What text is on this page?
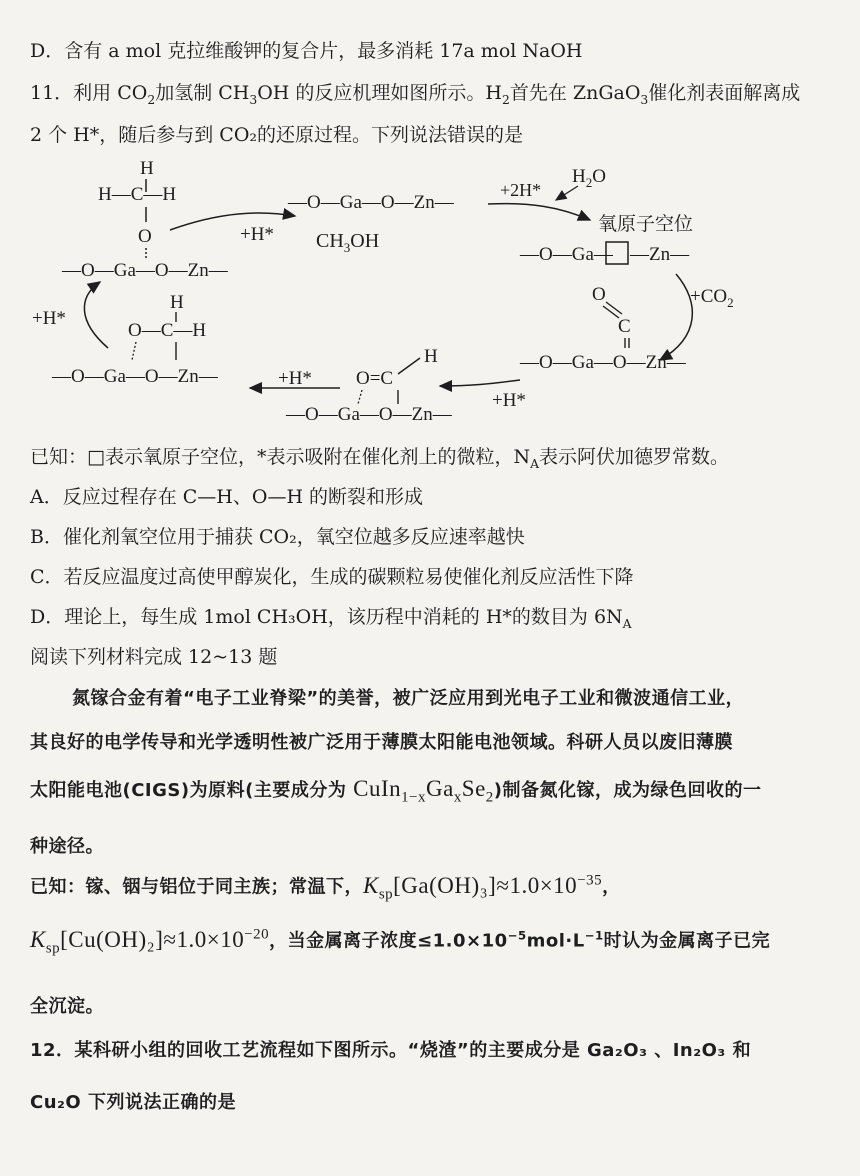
D．含有 a mol 克拉维酸钾的复合片，最多消耗 17a mol NaOH
11．利用 $CO_2$加氢制 $CH_3OH$ 的反应机理如图所示。$H_2$首先在 ZnGaO$_3$催化剂表面解离成
2 个 H*，随后参与到 CO₂的还原过程。下列说法错误的是
H
H—C—H
O
—O—Ga—O—Zn—
+H* $CH_3OH$
—O—Ga—O—Zn—
+2H*
$H_2O$
氧原子空位
—O—Ga— —Zn—
$+CO_2$
O
C
—O—Ga—O—Zn—
+H*
O=C
H
—O—Ga—O—Zn—
+H*
H
O—C—H
—O—Ga—O—Zn—
+H*
已知：□表示氧原子空位，*表示吸附在催化剂上的微粒，$N_A$表示阿伏加德罗常数。
A．反应过程存在 C—H、O—H 的断裂和形成
B．催化剂氧空位用于捕获 CO₂，氧空位越多反应速率越快
C．若反应温度过高使甲醇炭化，生成的碳颗粒易使催化剂反应活性下降
D．理论上，每生成 1mol CH₃OH，该历程中消耗的 H*的数目为 $6N_A$
阅读下列材料完成 12~13 题
氮镓合金有着“电子工业脊梁”的美誉，被广泛应用到光电子工业和微波通信工业，
其良好的电学传导和光学透明性被广泛用于薄膜太阳能电池领域。科研人员以废旧薄膜
太阳能电池(CIGS)为原料(主要成分为 $CuIn_{1-x}Ga_xSe_2$)制备氮化镓，成为绿色回收的一
种途径。
已知：镓、铟与铝位于同主族；常温下，$K_{sp}[Ga(OH)_3]\approx 1.0\times 10^{-35}$，
$K_{sp}[Cu(OH)_2]\approx 1.0\times 10^{-20}$，当金属离子浓度$\le 1.0\times 10^{-5}mol\cdot L^{-1}$时认为金属离子已完
全沉淀。
12．某科研小组的回收工艺流程如下图所示。“烧渣”的主要成分是 Ga₂O₃ 、In₂O₃ 和
Cu₂O 下列说法正确的是
